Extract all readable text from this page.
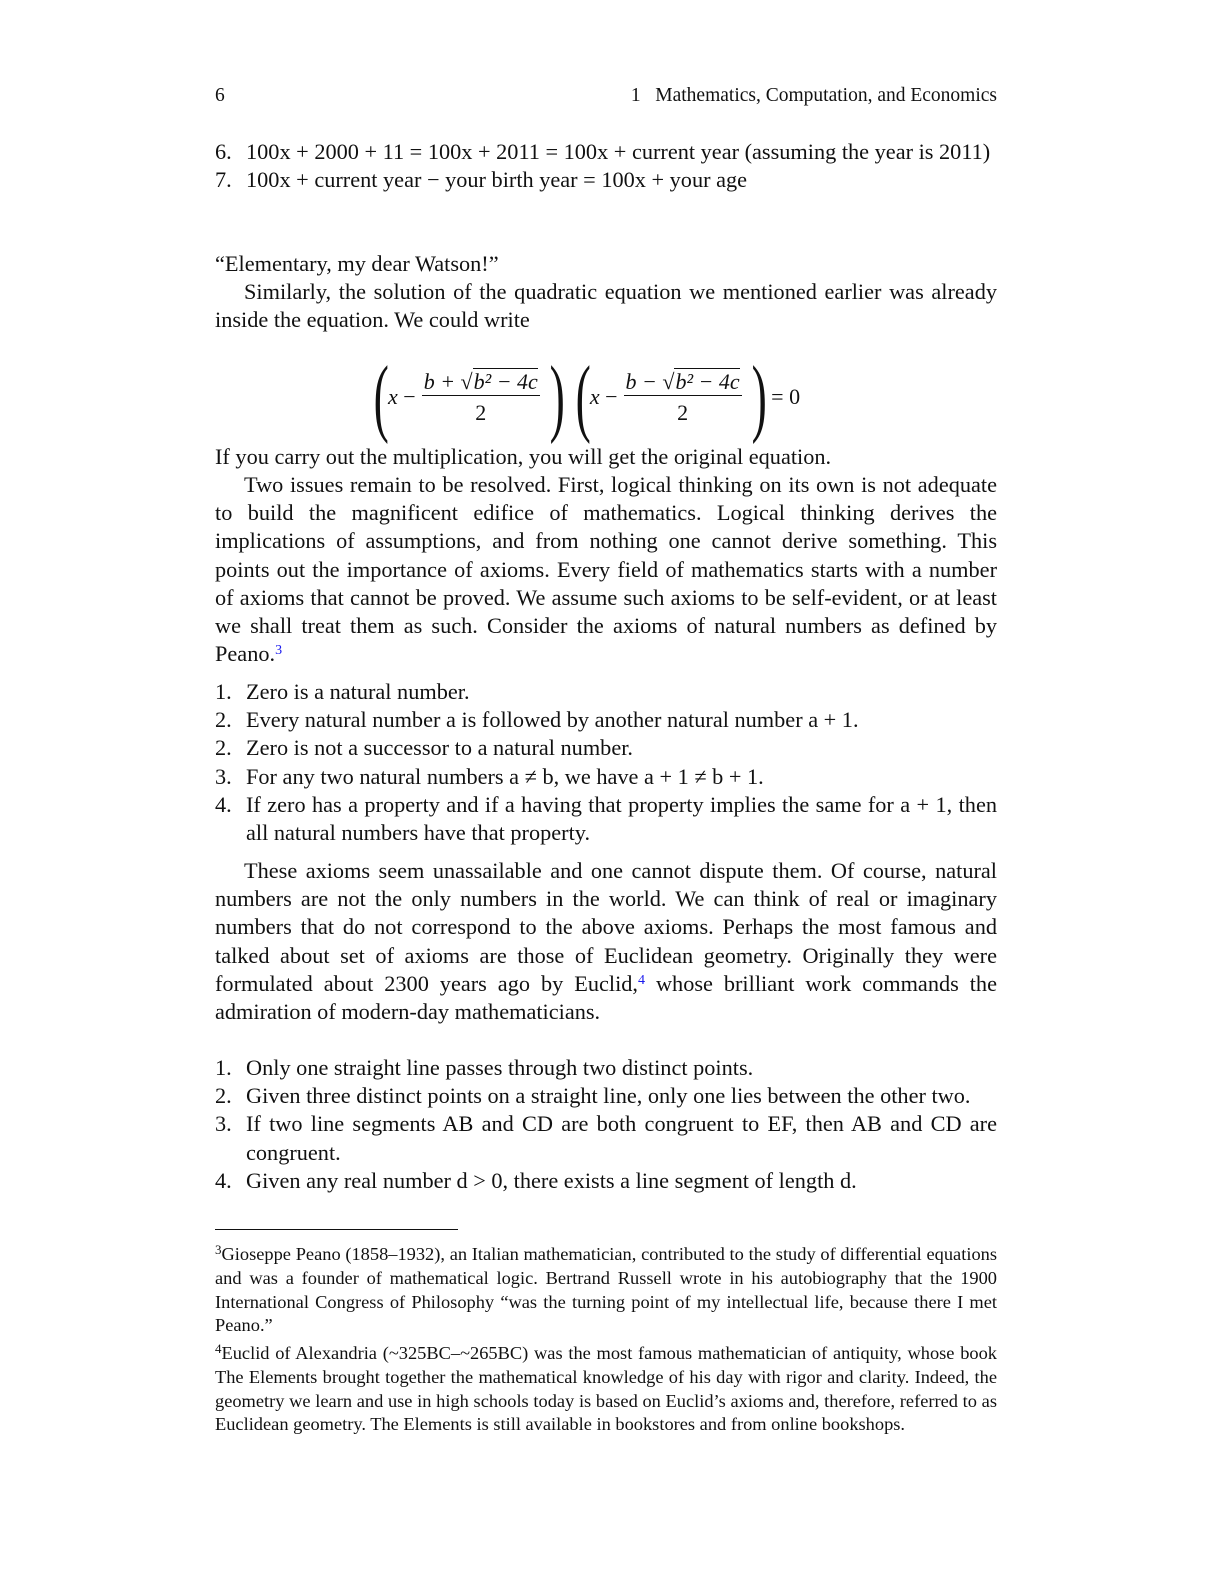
6	1   Mathematics, Computation, and Economics
6. 100x + 2000 + 11 = 100x + 2011 = 100x + current year (assuming the year is 2011)
7. 100x + current year − your birth year = 100x + your age
“Elementary, my dear Watson!”
Similarly, the solution of the quadratic equation we mentioned earlier was already inside the equation. We could write
( x
− $\frac{\text{b + √b² − 4c}}{2}$ ) ( x
− $\frac{\text{b − √b² − 4c}}{2}$ )
= 0
If you carry out the multiplication, you will get the original equation.
Two issues remain to be resolved. First, logical thinking on its own is not adequate to build the magnificent edifice of mathematics. Logical thinking derives the implications of assumptions, and from nothing one cannot derive something. This points out the importance of axioms. Every field of mathematics starts with a number of axioms that cannot be proved. We assume such axioms to be self-evident, or at least we shall treat them as such. Consider the axioms of natural numbers as defined by Peano.$^3$
1. Zero is a natural number.
2. Every natural number a is followed by another natural number a + 1.
2. Zero is not a successor to a natural number.
3. For any two natural numbers a ≠ b, we have a + 1 ≠ b + 1.
4. If zero has a property and if a having that property implies the same for a + 1, then all natural numbers have that property.
These axioms seem unassailable and one cannot dispute them. Of course, natural numbers are not the only numbers in the world. We can think of real or imaginary numbers that do not correspond to the above axioms. Perhaps the most famous and talked about set of axioms are those of Euclidean geometry. Originally they were formulated about 2300 years ago by Euclid,$^4$ whose brilliant work commands the admiration of modern-day mathematicians.
1. Only one straight line passes through two distinct points.
2. Given three distinct points on a straight line, only one lies between the other two.
3. If two line segments AB and CD are both congruent to EF, then AB and CD are congruent.
4. Given any real number d > 0, there exists a line segment of length d.
$^3$Gioseppe Peano (1858–1932), an Italian mathematician, contributed to the study of differential equations and was a founder of mathematical logic. Bertrand Russell wrote in his autobiography that the 1900 International Congress of Philosophy “was the turning point of my intellectual life, because there I met Peano.”
$^4$Euclid of Alexandria (~325BC–~265BC) was the most famous mathematician of antiquity, whose book The Elements brought together the mathematical knowledge of his day with rigor and clarity. Indeed, the geometry we learn and use in high schools today is based on Euclid’s axioms and, therefore, referred to as Euclidean geometry. The Elements is still available in bookstores and from online bookshops.
